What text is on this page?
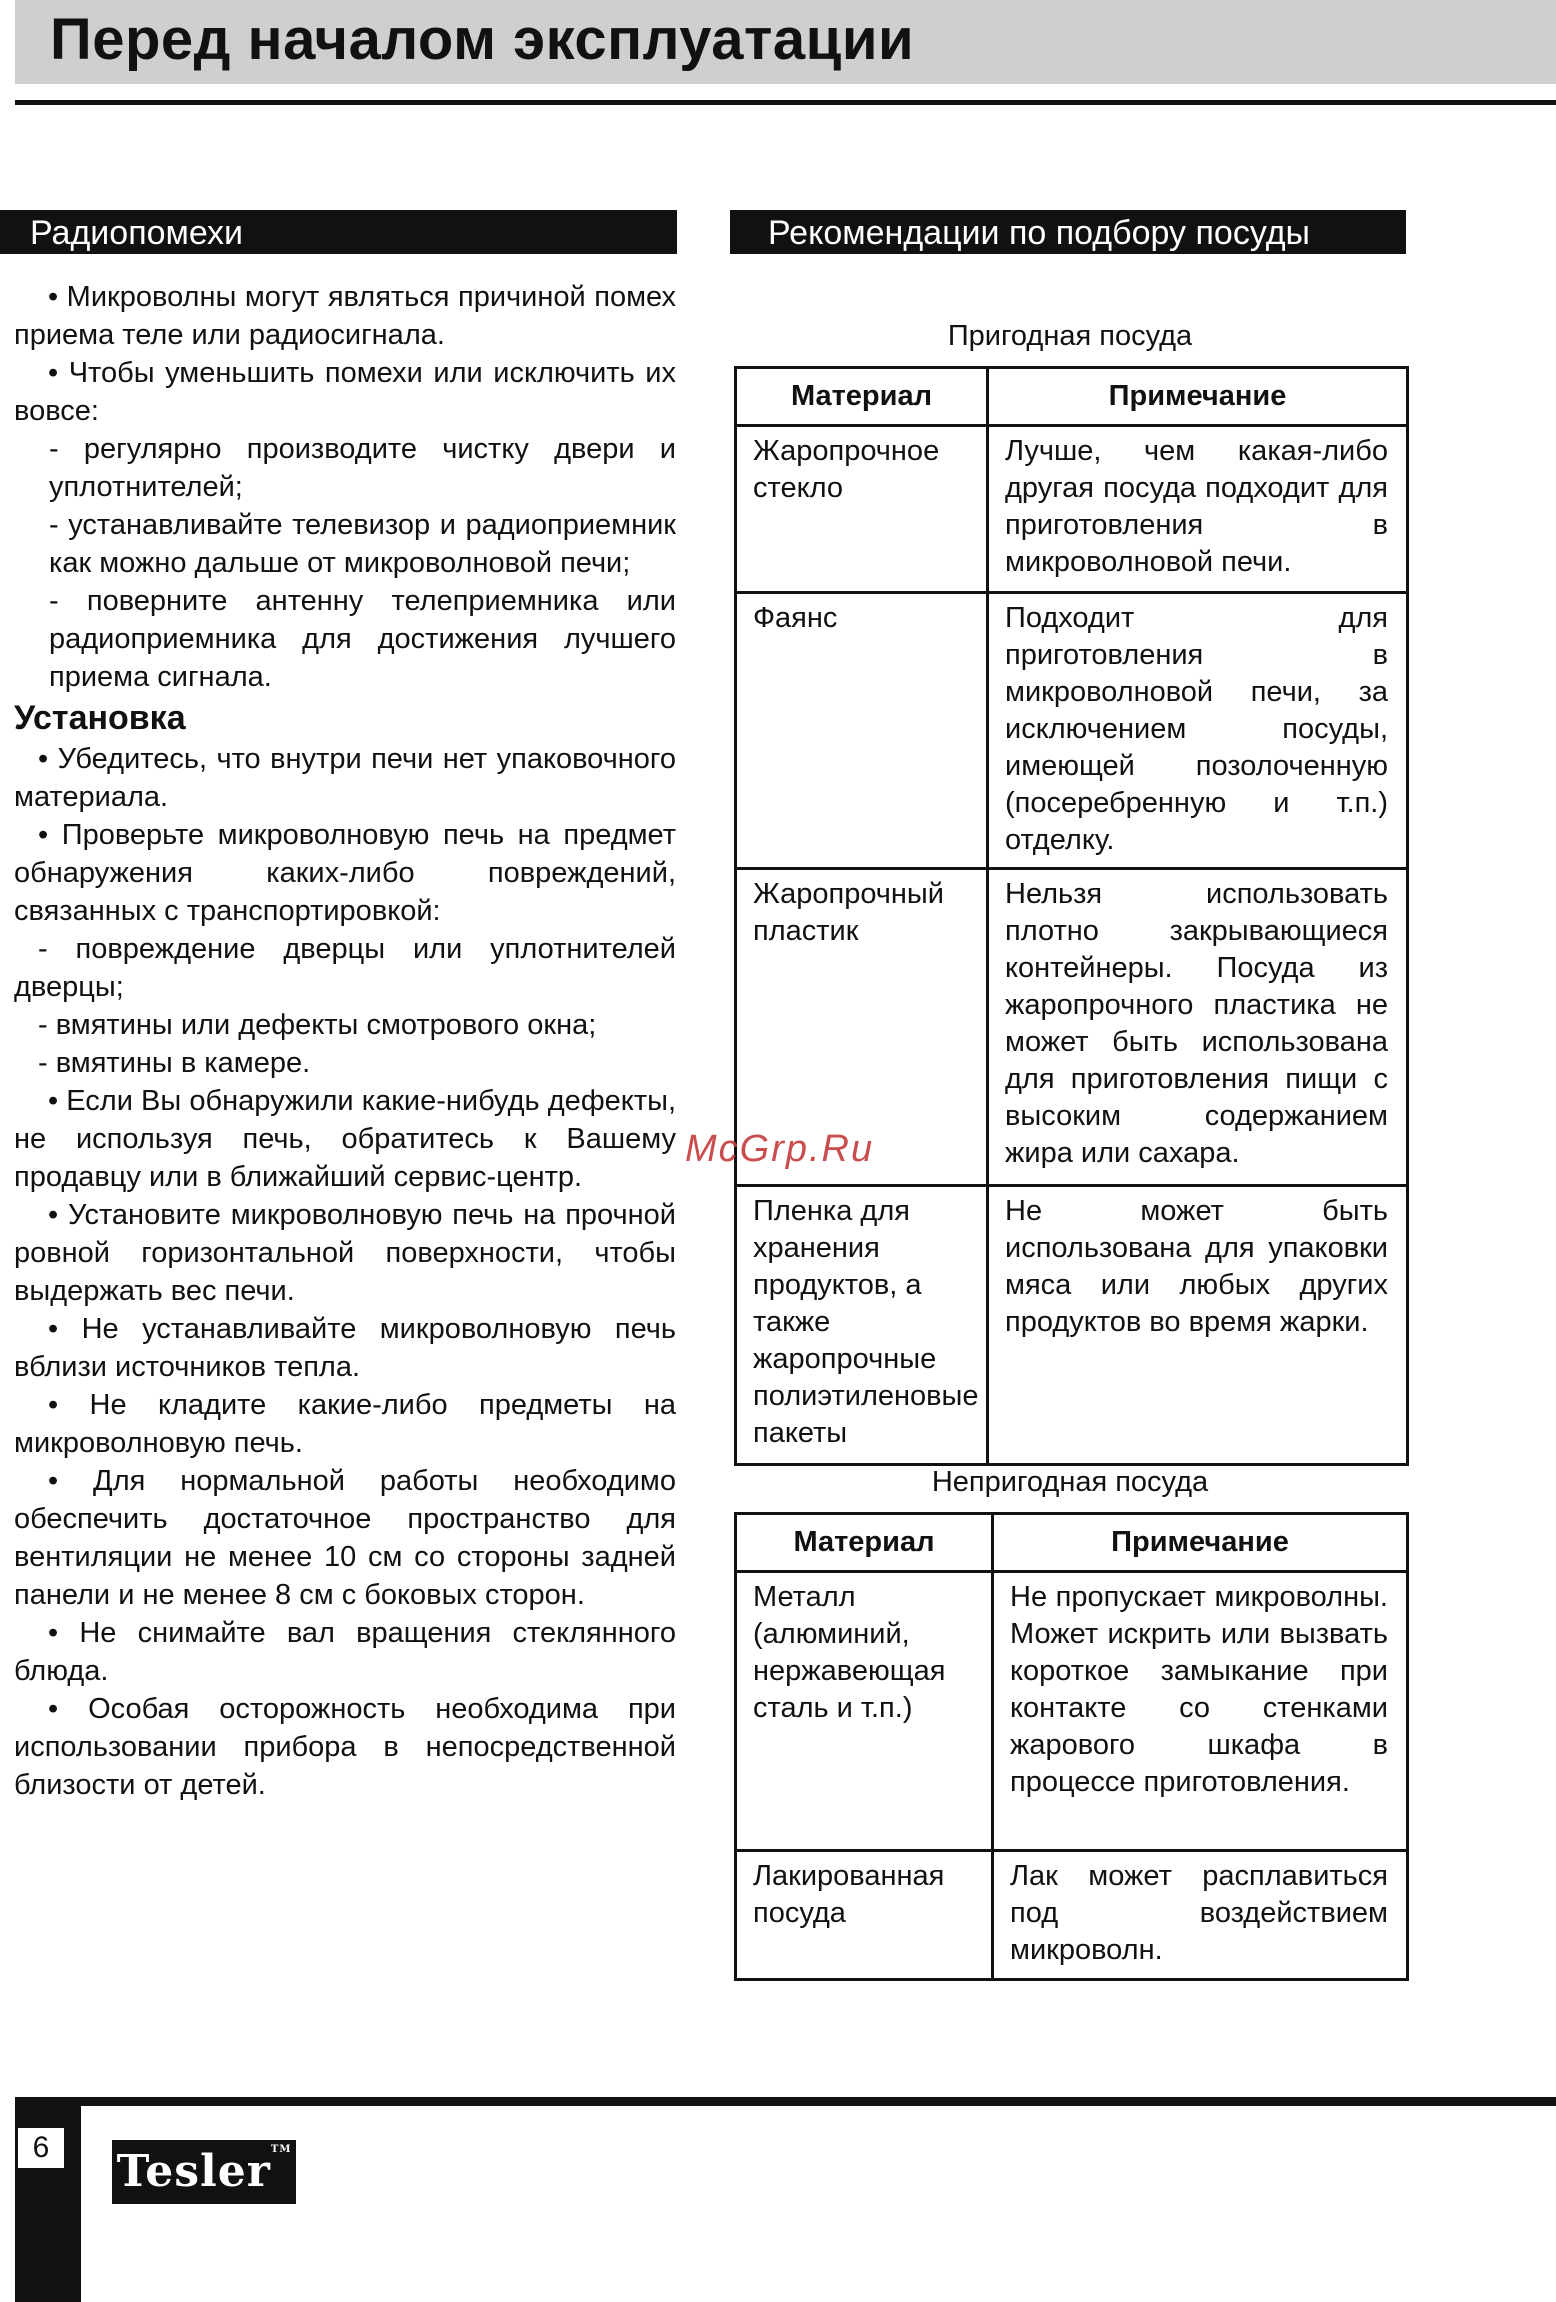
Перед началом эксплуатации
Радиопомехи

• Микроволны могут являться причиной помех приема теле или радиосигнала.

• Чтобы уменьшить помехи или исключить их вовсе:

- регулярно производите чистку двери и уплотнителей;

- устанавливайте телевизор и радиоприемник как можно дальше от микроволновой печи;

- поверните антенну телеприемника или радиоприемника для достижения лучшего приема сигнала.

Установка

• Убедитесь, что внутри печи нет упаковочного материала.

• Проверьте микроволновую печь на предмет обнаружения каких-либо повреждений, связанных с транспортировкой:

- повреждение дверцы или уплотнителей дверцы;

- вмятины или дефекты смотрового окна;

- вмятины в камере.

• Если Вы обнаружили какие-нибудь дефекты, не используя печь, обратитесь к Вашему продавцу или в ближайший сервис-центр.

• Установите микроволновую печь на прочной ровной горизонтальной поверхности, чтобы выдержать вес печи.

• Не устанавливайте микроволновую печь вблизи источников тепла.

• Не кладите какие-либо предметы на микроволновую печь.

• Для нормальной работы необходимо обеспечить достаточное пространство для вентиляции не менее 10 см со стороны задней панели и не менее 8 см с боковых сторон.

• Не снимайте вал вращения стеклянного блюда.

• Особая осторожность необходима при использовании прибора в непосредственной близости от детей.

Рекомендации по подбору посуды
Пригодная посуда
Материал	Примечание
Жаропрочное стекло	Лучше, чем какая-либо другая посуда подходит для приготовления в микроволновой печи.
Фаянс	Подходит для приготовления в микроволновой печи, за исключением посуды, имеющей позолоченную (посеребренную и т.п.) отделку.
Жаропрочный пластик	Нельзя использовать плотно закрывающиеся контейнеры. Посуда из жаропрочного пластика не может быть использована для приготовления пищи с высоким содержанием жира или сахара.
Пленка для хранения продуктов, а также жаропрочные полиэтиленовые пакеты	Не может быть использована для упаковки мяса или любых других продуктов во время жарки.
Непригодная посуда
Материал	Примечание
Металл (алюминий, нержавеющая сталь и т.п.)	Не пропускает микроволны. Может искрить или вызвать короткое замыкание при контакте со стенками жарового шкафа в процессе приготовления.
Лакированная посуда	Лак может расплавиться под воздействием микроволн.
McGrp.Ru
6	Tesler™
